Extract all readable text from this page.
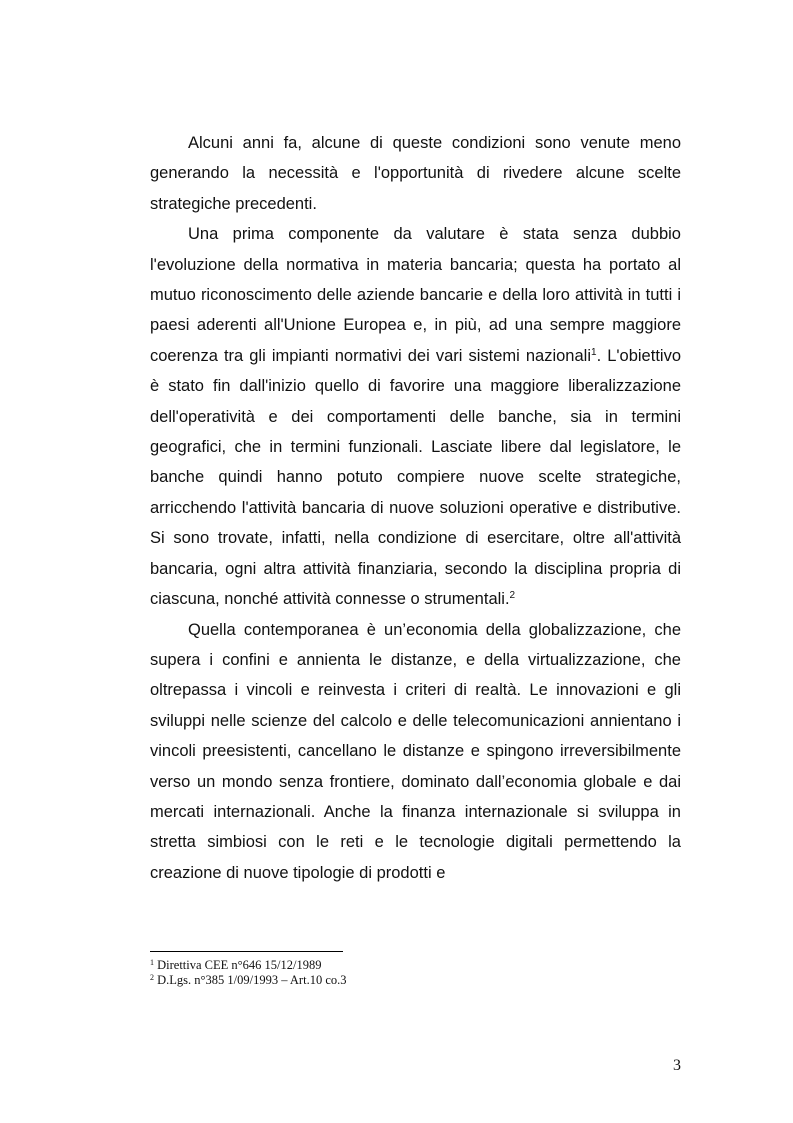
Alcuni anni fa, alcune di queste condizioni sono venute meno generando la necessità e l'opportunità di rivedere alcune scelte strategiche precedenti.

Una prima componente da valutare è stata senza dubbio l'evoluzione della normativa in materia bancaria; questa ha portato al mutuo riconoscimento delle aziende bancarie e della loro attività in tutti i paesi aderenti all'Unione Europea e, in più, ad una sempre maggiore coerenza tra gli impianti normativi dei vari sistemi nazionali$^1$. L'obiettivo è stato fin dall'inizio quello di favorire una maggiore liberalizzazione dell'operatività e dei comportamenti delle banche, sia in termini geografici, che in termini funzionali. Lasciate libere dal legislatore, le banche quindi hanno potuto compiere nuove scelte strategiche, arricchendo l'attività bancaria di nuove soluzioni operative e distributive. Si sono trovate, infatti, nella condizione di esercitare, oltre all'attività bancaria, ogni altra attività finanziaria, secondo la disciplina propria di ciascuna, nonché attività connesse o strumentali.$^2$

Quella contemporanea è un’economia della globalizzazione, che supera i confini e annienta le distanze, e della virtualizzazione, che oltrepassa i vincoli e reinvesta i criteri di realtà. Le innovazioni e gli sviluppi nelle scienze del calcolo e delle telecomunicazioni annientano i vincoli preesistenti, cancellano le distanze e spingono irreversibilmente verso un mondo senza frontiere, dominato dall’economia globale e dai mercati internazionali. Anche la finanza internazionale si sviluppa in stretta simbiosi con le reti e le tecnologie digitali permettendo la creazione di nuove tipologie di prodotti e

$^1$ Direttiva CEE n°646 15/12/1989
$^2$ D.Lgs. n°385 1/09/1993 – Art.10 co.3
3
